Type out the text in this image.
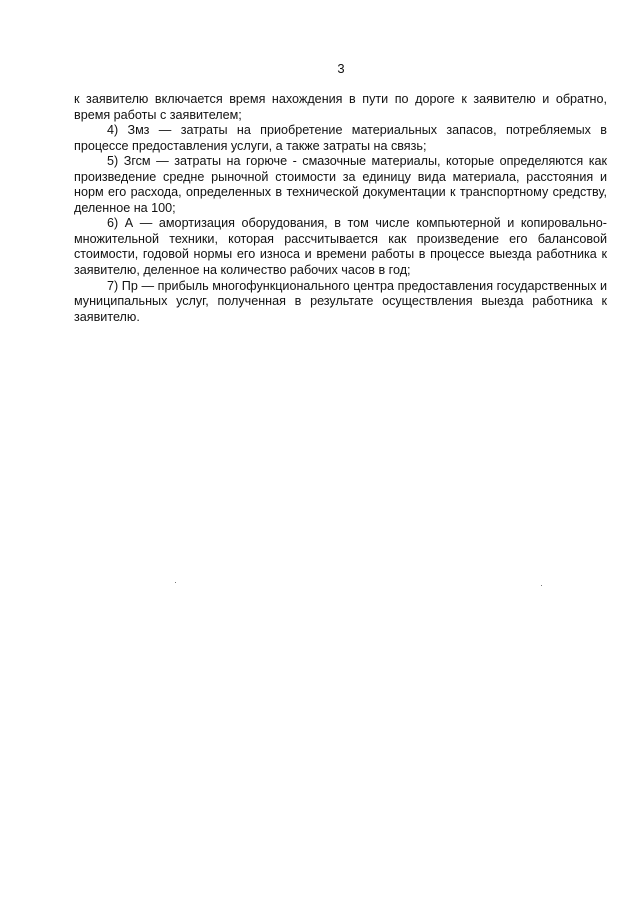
3

к заявителю включается время нахождения в пути по дороге к заявителю и обратно, время работы с заявителем;

4) Змз — затраты на приобретение материальных запасов, потребляемых в процессе предоставления услуги, а также затраты на связь;

5) Згсм — затраты на горюче - смазочные материалы, которые определяются как произведение средне рыночной стоимости за единицу вида материала, расстояния и норм его расхода, определенных в технической документации к транспортному средству, деленное на 100;

6) А — амортизация оборудования, в том числе компьютерной и копировально-множительной техники, которая рассчитывается как произведение его балансовой стоимости, годовой нормы его износа и времени работы в процессе выезда работника к заявителю, деленное на количество рабочих часов в год;

7) Пр — прибыль многофункционального центра предоставления государственных и муниципальных услуг, полученная в результате осуществления выезда работника к заявителю.
